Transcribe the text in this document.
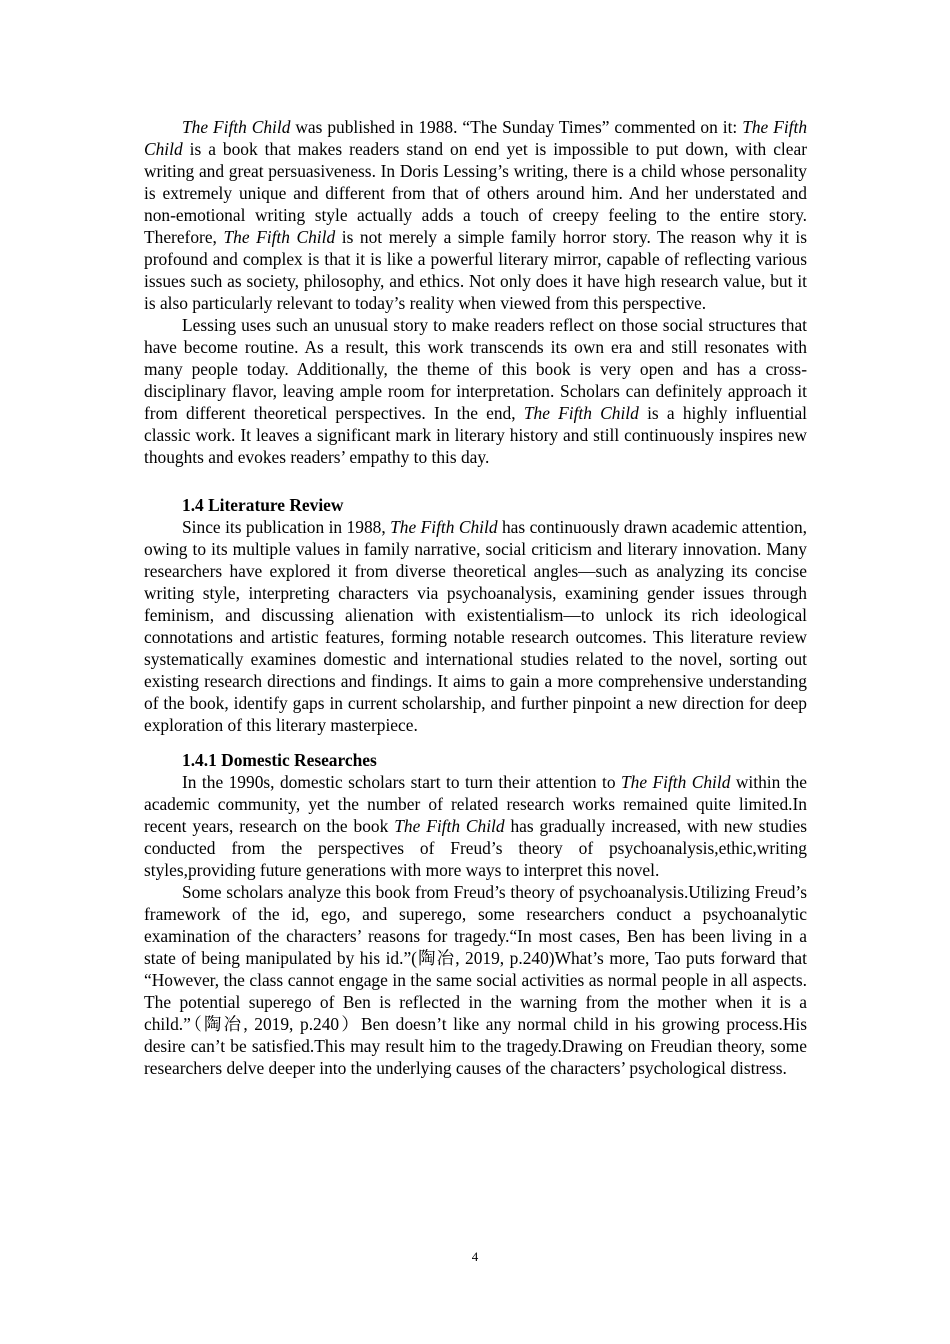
The Fifth Child was published in 1988. “The Sunday Times” commented on it: The Fifth Child is a book that makes readers stand on end yet is impossible to put down, with clear writing and great persuasiveness. In Doris Lessing’s writing, there is a child whose personality is extremely unique and different from that of others around him. And her understated and non-emotional writing style actually adds a touch of creepy feeling to the entire story. Therefore, The Fifth Child is not merely a simple family horror story. The reason why it is profound and complex is that it is like a powerful literary mirror, capable of reflecting various issues such as society, philosophy, and ethics. Not only does it have high research value, but it is also particularly relevant to today’s reality when viewed from this perspective.

Lessing uses such an unusual story to make readers reflect on those social structures that have become routine. As a result, this work transcends its own era and still resonates with many people today. Additionally, the theme of this book is very open and has a cross-disciplinary flavor, leaving ample room for interpretation. Scholars can definitely approach it from different theoretical perspectives. In the end, The Fifth Child is a highly influential classic work. It leaves a significant mark in literary history and still continuously inspires new thoughts and evokes readers’ empathy to this day.

1.4 Literature Review

Since its publication in 1988, The Fifth Child has continuously drawn academic attention, owing to its multiple values in family narrative, social criticism and literary innovation. Many researchers have explored it from diverse theoretical angles—such as analyzing its concise writing style, interpreting characters via psychoanalysis, examining gender issues through feminism, and discussing alienation with existentialism—to unlock its rich ideological connotations and artistic features, forming notable research outcomes. This literature review systematically examines domestic and international studies related to the novel, sorting out existing research directions and findings. It aims to gain a more comprehensive understanding of the book, identify gaps in current scholarship, and further pinpoint a new direction for deep exploration of this literary masterpiece.

1.4.1 Domestic Researches

In the 1990s, domestic scholars start to turn their attention to The Fifth Child within the academic community, yet the number of related research works remained quite limited.In recent years, research on the book The Fifth Child has gradually increased, with new studies conducted from the perspectives of Freud’s theory of psychoanalysis,ethic,writing styles,providing future generations with more ways to interpret this novel.

Some scholars analyze this book from Freud’s theory of psychoanalysis.Utilizing Freud’s framework of the id, ego, and superego, some researchers conduct a psychoanalytic examination of the characters’ reasons for tragedy.“In most cases, Ben has been living in a state of being manipulated by his id.”(陶冶, 2019, p.240)What’s more, Tao puts forward that “However, the class cannot engage in the same social activities as normal people in all aspects. The potential superego of Ben is reflected in the warning from the mother when it is a child.”（陶冶, 2019, p.240）Ben doesn’t like any normal child in his growing process.His desire can’t be satisfied.This may result him to the tragedy.Drawing on Freudian theory, some researchers delve deeper into the underlying causes of the characters’ psychological distress.

4
